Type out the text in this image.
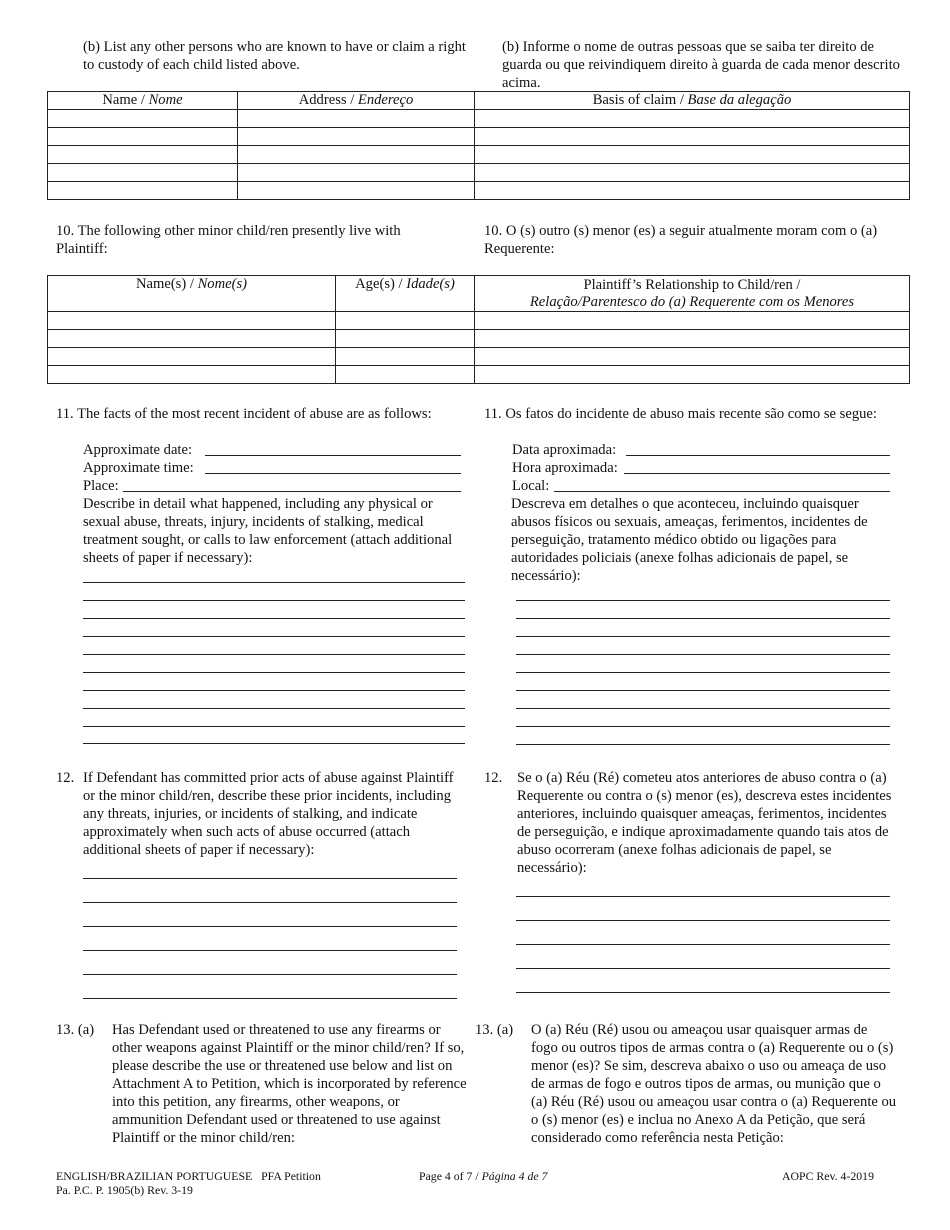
(b) List any other persons who are known to have or claim a right to custody of each child listed above.
(b) Informe o nome de outras pessoas que se saiba ter direito de guarda ou que reivindiquem direito à guarda de cada menor descrito acima.
Name / Nome	Address / Endereço	Basis of claim / Base da alegação

10. The following other minor child/ren presently live with Plaintiff:
10. O (s) outro (s) menor (es) a seguir atualmente moram com o (a) Requerente:
Name(s) / Nome(s)	Age(s) / Idade(s)	Plaintiff’s Relationship to Child/ren /
Relação/Parentesco do (a) Requerente com os Menores

11. The facts of the most recent incident of abuse are as follows:
Approximate date:
Approximate time:
Place:
Describe in detail what happened, including any physical or sexual abuse, threats, injury, incidents of stalking, medical treatment sought, or calls to law enforcement (attach additional sheets of paper if necessary):
11. Os fatos do incidente de abuso mais recente são como se segue:
Data aproximada:
Hora aproximada:
Local:
Descreva em detalhes o que aconteceu, incluindo quaisquer abusos físicos ou sexuais, ameaças, ferimentos, incidentes de perseguição, tratamento médico obtido ou ligações para autoridades policiais (anexe folhas adicionais de papel, se necessário):
12. If Defendant has committed prior acts of abuse against Plaintiff or the minor child/ren, describe these prior incidents, including any threats, injuries, or incidents of stalking, and indicate approximately when such acts of abuse occurred (attach additional sheets of paper if necessary):
12. Se o (a) Réu (Ré) cometeu atos anteriores de abuso contra o (a) Requerente ou contra o (s) menor (es), descreva estes incidentes anteriores, incluindo quaisquer ameaças, ferimentos, incidentes de perseguição, e indique aproximadamente quando tais atos de abuso ocorreram (anexe folhas adicionais de papel, se necessário):
13. (a) Has Defendant used or threatened to use any firearms or other weapons against Plaintiff or the minor child/ren? If so, please describe the use or threatened use below and list on Attachment A to Petition, which is incorporated by reference into this petition, any firearms, other weapons, or ammunition Defendant used or threatened to use against Plaintiff or the minor child/ren:
13. (a) O (a) Réu (Ré) usou ou ameaçou usar quaisquer armas de fogo ou outros tipos de armas contra o (a) Requerente ou o (s) menor (es)? Se sim, descreva abaixo o uso ou ameaça de uso de armas de fogo e outros tipos de armas, ou munição que o (a) Réu (Ré) usou ou ameaçou usar contra o (a) Requerente ou o (s) menor (es) e inclua no Anexo A da Petição, que será considerado como referência nesta Petição:
ENGLISH/BRAZILIAN PORTUGUESE   PFA Petition
Pa. P.C. P. 1905(b) Rev. 3-19
Page 4 of 7 / Página 4 de 7	AOPC Rev. 4-2019
